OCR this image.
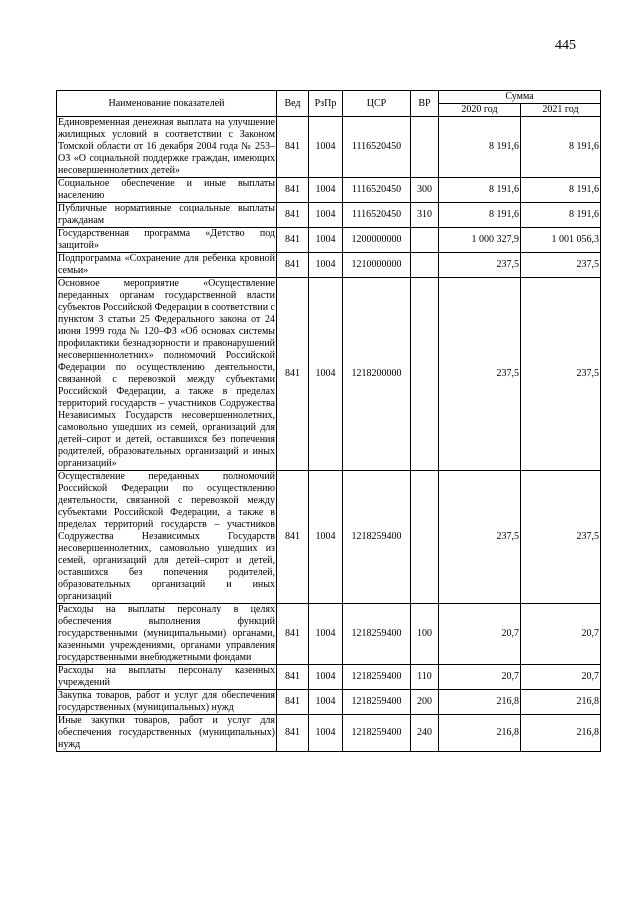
445
Наименование показателей	Вед	РзПр	ЦСР	ВР	Сумма	
					2020 год	2021 год
Единовременная денежная выплата на улучшение жилищных условий в соответствии с Законом Томской области от 16 декабря 2004 года № 253–ОЗ «О социальной поддержке граждан, имеющих несовершеннолетних детей»	841	1004	1116520450		8 191,6	8 191,6
Социальное обеспечение и иные выплаты населению	841	1004	1116520450	300	8 191,6	8 191,6
Публичные нормативные социальные выплаты гражданам	841	1004	1116520450	310	8 191,6	8 191,6
Государственная программа «Детство под защитой»	841	1004	1200000000		1 000 327,9	1 001 056,3
Подпрограмма «Сохранение для ребенка кровной семьи»	841	1004	1210000000		237,5	237,5
Основное мероприятие «Осуществление переданных органам государственной власти субъектов Российской Федерации в соответствии с пунктом 3 статьи 25 Федерального закона от 24 июня 1999 года № 120–ФЗ «Об основах системы профилактики безнадзорности и правонарушений несовершеннолетних» полномочий Российской Федерации по осуществлению деятельности, связанной с перевозкой между субъектами Российской Федерации, а также в пределах территорий государств – участников Содружества Независимых Государств несовершеннолетних, самовольно ушедших из семей, организаций для детей–сирот и детей, оставшихся без попечения родителей, образовательных организаций и иных организаций»	841	1004	1218200000		237,5	237,5
Осуществление переданных полномочий Российской Федерации по осуществлению деятельности, связанной с перевозкой между субъектами Российской Федерации, а также в пределах территорий государств – участников Содружества Независимых Государств несовершеннолетних, самовольно ушедших из семей, организаций для детей–сирот и детей, оставшихся без попечения родителей, образовательных организаций и иных организаций	841	1004	1218259400		237,5	237,5
Расходы на выплаты персоналу в целях обеспечения выполнения функций государственными (муниципальными) органами, казенными учреждениями, органами управления государственными внебюджетными фондами	841	1004	1218259400	100	20,7	20,7
Расходы на выплаты персоналу казенных учреждений	841	1004	1218259400	110	20,7	20,7
Закупка товаров, работ и услуг для обеспечения государственных (муниципальных) нужд	841	1004	1218259400	200	216,8	216,8
Иные закупки товаров, работ и услуг для обеспечения государственных (муниципальных) нужд	841	1004	1218259400	240	216,8	216,8
